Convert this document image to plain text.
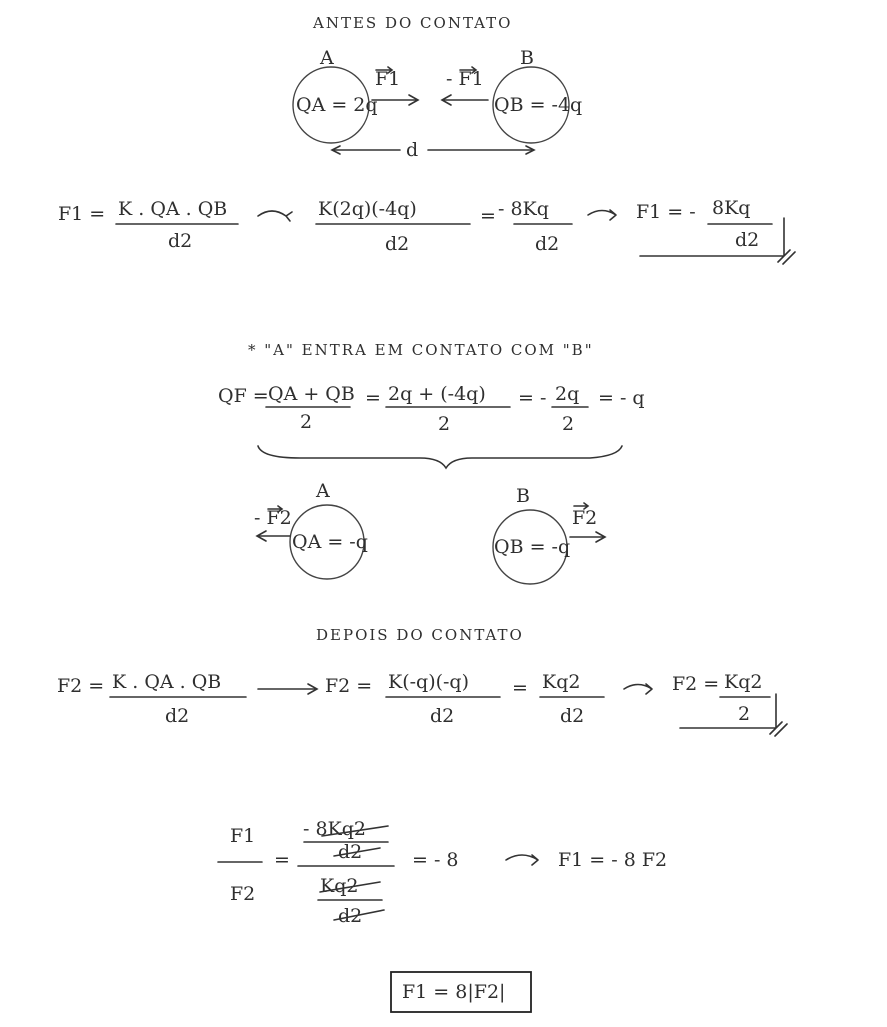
ANTES DO CONTATO
A	B
QA = 2q	QB = -4q
F1 - F1
d
F1 = K . QA . QB
d2
K(2q)(-4q)
d2
= - 8Kq
d2
F1 = - 8Kq
d2
* "A" ENTRA EM CONTATO COM "B"
QF = QA + QB
2
= 2q + (-4q)
2
= - 2q
2
= - q
A	B
QA = -q	QB = -q
- F2	F2
DEPOIS DO CONTATO
F2 = K . QA . QB
d2
F2 = K(-q)(-q)
d2
= Kq2
d2
F2 = Kq2
2
F1
F2
=
- 8Kq2
d2
Kq2
d2
= - 8	F1 = - 8 F2
F1 = 8|F2|
